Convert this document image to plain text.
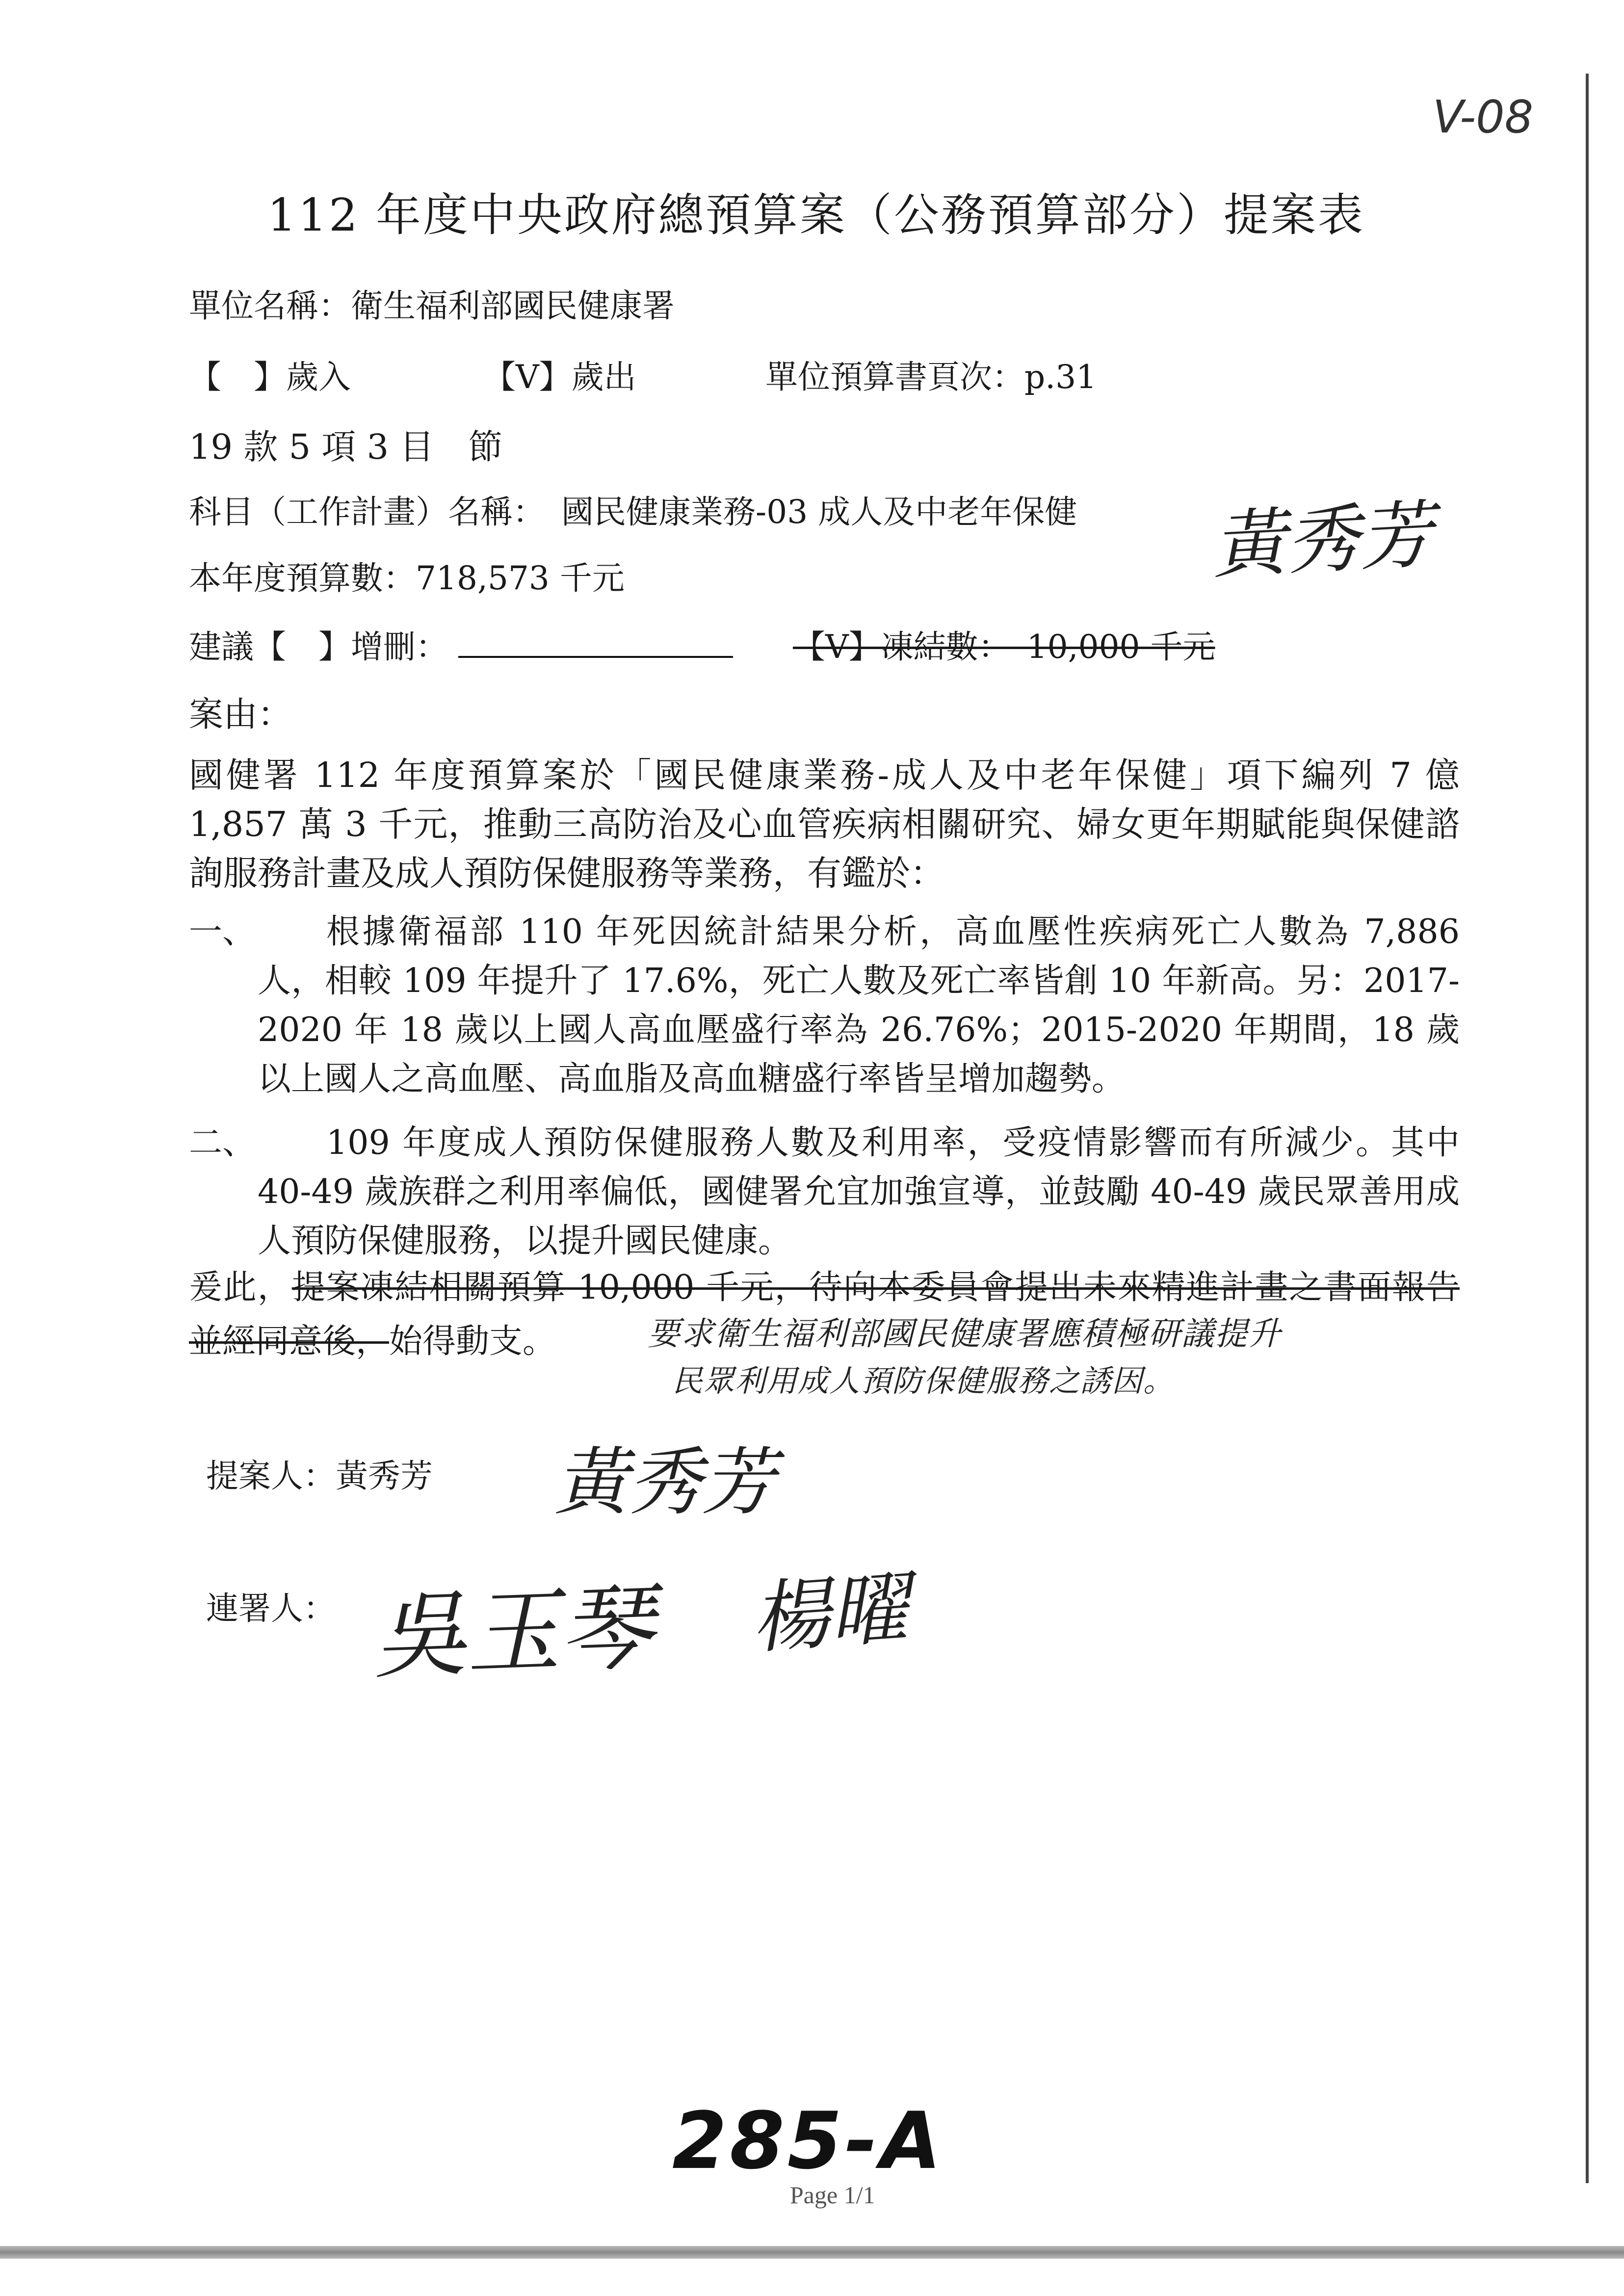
V-08
112 年度中央政府總預算案（公務預算部分）提案表
單位名稱：衛生福利部國民健康署
【　】歲入	【V】歲出	單位預算書頁次：p.31
19 款 5 項 3 目　節
科目（工作計畫）名稱：　國民健康業務-03 成人及中老年保健 黃秀芳
本年度預算數：718,573 千元
建議【　】增刪：	【V】凍結數：　10,000 千元
案由：
國健署 112 年度預算案於「國民健康業務-成人及中老年保健」項下編列 7 億 1,857 萬 3 千元，推動三高防治及心血管疾病相關研究、婦女更年期賦能與保健諮詢服務計畫及成人預防保健服務等業務，有鑑於：
一、	根據衛福部 110 年死因統計結果分析，高血壓性疾病死亡人數為 7,886 人，相較 109 年提升了 17.6%，死亡人數及死亡率皆創 10 年新高。另：2017-2020 年 18 歲以上國人高血壓盛行率為 26.76%；2015-2020 年期間，18 歲以上國人之高血壓、高血脂及高血糖盛行率皆呈增加趨勢。
二、	109 年度成人預防保健服務人數及利用率，受疫情影響而有所減少。其中 40-49 歲族群之利用率偏低，國健署允宜加強宣導，並鼓勵 40-49 歲民眾善用成人預防保健服務，以提升國民健康。
爰此，提案凍結相關預算 10,000 千元，待向本委員會提出未來精進計畫之書面報告並經同意後，始得動支。	要求衛生福利部國民健康署應積極研議提升
民眾利用成人預防保健服務之誘因。
提案人：黃秀芳 黃秀芳
連署人： 吳玉琴 楊曜
285-A
Page 1/1
